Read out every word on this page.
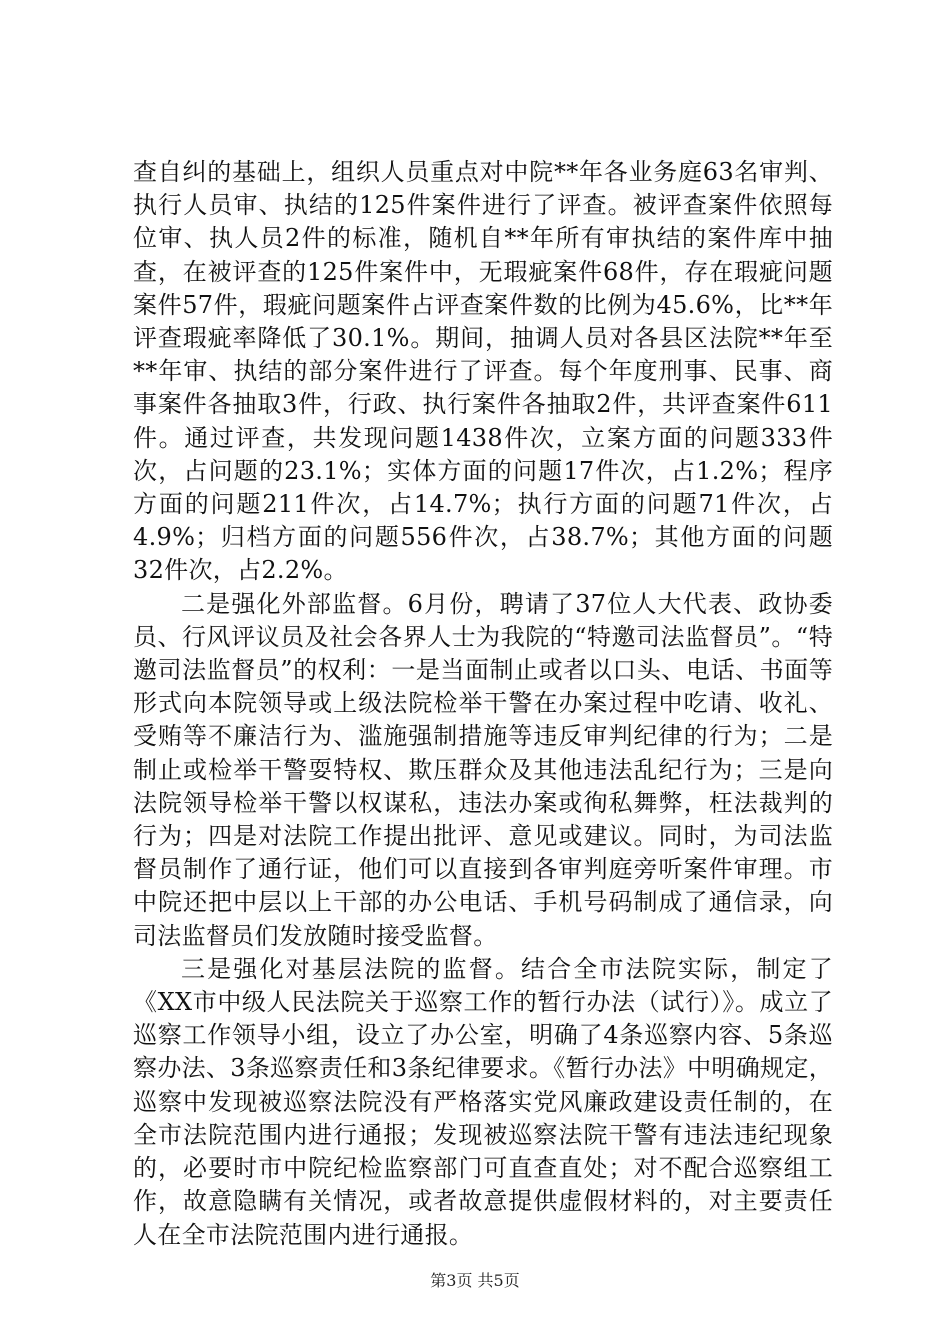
查自纠的基础上，组织人员重点对中院**年各业务庭63名审判、执行人员审、执结的125件案件进行了评查。被评查案件依照每位审、执人员2件的标准，随机自**年所有审执结的案件库中抽查，在被评查的125件案件中，无瑕疵案件68件，存在瑕疵问题案件57件，瑕疵问题案件占评查案件数的比例为45.6%，比**年评查瑕疵率降低了30.1%。期间，抽调人员对各县区法院**年至**年审、执结的部分案件进行了评查。每个年度刑事、民事、商事案件各抽取3件，行政、执行案件各抽取2件，共评查案件611件。通过评查，共发现问题1438件次，立案方面的问题333件次，占问题的23.1%；实体方面的问题17件次，占1.2%；程序方面的问题211件次，占14.7%；执行方面的问题71件次，占4.9%；归档方面的问题556件次，占38.7%；其他方面的问题32件次，占2.2%。

二是强化外部监督。6月份，聘请了37位人大代表、政协委员、行风评议员及社会各界人士为我院的“特邀司法监督员”。“特邀司法监督员”的权利：一是当面制止或者以口头、电话、书面等形式向本院领导或上级法院检举干警在办案过程中吃请、收礼、受贿等不廉洁行为、滥施强制措施等违反审判纪律的行为；二是制止或检举干警耍特权、欺压群众及其他违法乱纪行为；三是向法院领导检举干警以权谋私，违法办案或徇私舞弊，枉法裁判的行为；四是对法院工作提出批评、意见或建议。同时，为司法监督员制作了通行证，他们可以直接到各审判庭旁听案件审理。市中院还把中层以上干部的办公电话、手机号码制成了通信录，向司法监督员们发放随时接受监督。

三是强化对基层法院的监督。结合全市法院实际，制定了《XX市中级人民法院关于巡察工作的暂行办法（试行）》。成立了巡察工作领导小组，设立了办公室，明确了4条巡察内容、5条巡察办法、3条巡察责任和3条纪律要求。《暂行办法》中明确规定，巡察中发现被巡察法院没有严格落实党风廉政建设责任制的，在全市法院范围内进行通报；发现被巡察法院干警有违法违纪现象的，必要时市中院纪检监察部门可直查直处；对不配合巡察组工作，故意隐瞒有关情况，或者故意提供虚假材料的，对主要责任人在全市法院范围内进行通报。

第3页 共5页
